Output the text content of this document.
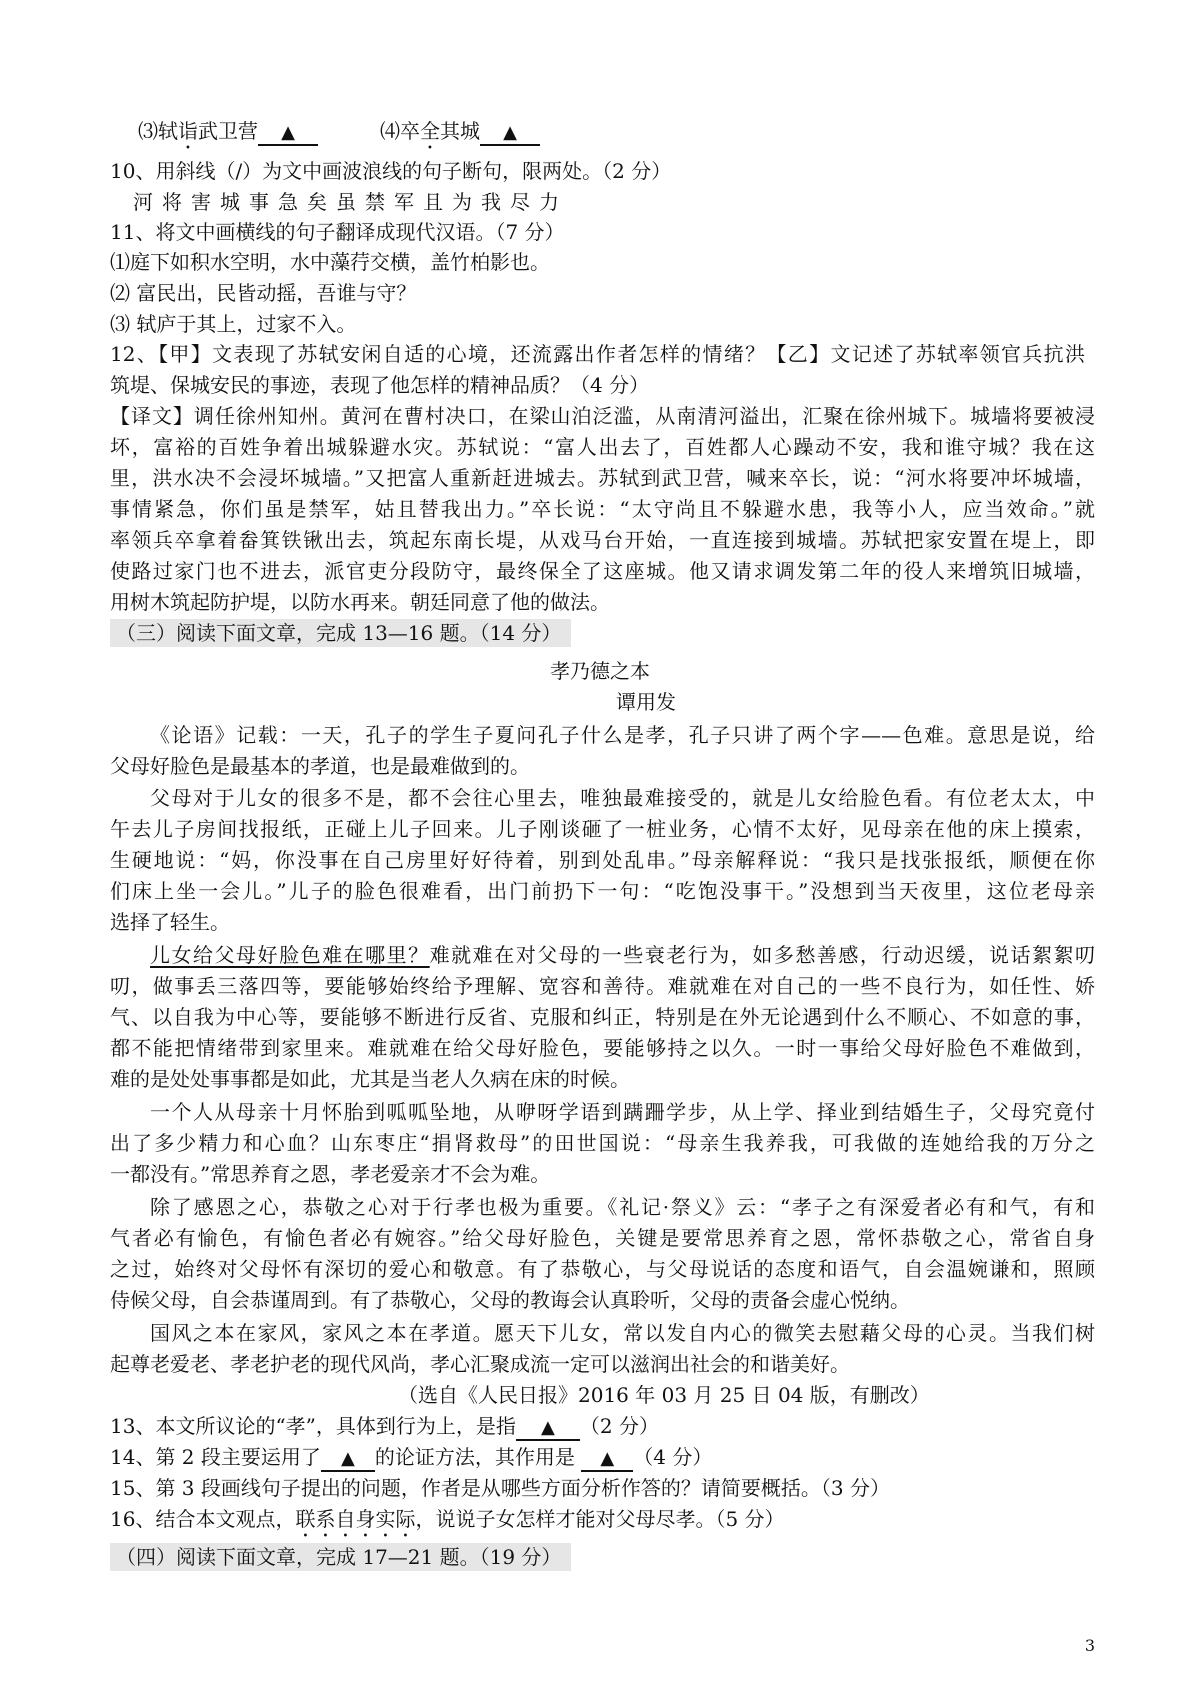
⑶轼诣武卫营 ▲	⑷卒全其城 ▲
10、用斜线（/）为文中画波浪线的句子断句，限两处。（2 分）
河将害城事急矣虽禁军且为我尽力
11、将文中画横线的句子翻译成现代汉语。（7 分）
⑴庭下如积水空明，水中藻荇交横，盖竹柏影也。
⑵ 富民出，民皆动摇，吾谁与守？
⑶ 轼庐于其上，过家不入。
12、【甲】文表现了苏轼安闲自适的心境，还流露出作者怎样的情绪？【乙】文记述了苏轼率领官兵抗洪
筑堤、保城安民的事迹，表现了他怎样的精神品质？（4 分）
【译文】调任徐州知州。黄河在曹村决口，在梁山泊泛滥，从南清河溢出，汇聚在徐州城下。城墙将要被浸
坏，富裕的百姓争着出城躲避水灾。苏轼说：“富人出去了，百姓都人心躁动不安，我和谁守城？我在这
里，洪水决不会浸坏城墙。”又把富人重新赶进城去。苏轼到武卫营，喊来卒长，说：“河水将要冲坏城墙，
事情紧急，你们虽是禁军，姑且替我出力。”卒长说：“太守尚且不躲避水患，我等小人，应当效命。”就
率领兵卒拿着畚箕铁锹出去，筑起东南长堤，从戏马台开始，一直连接到城墙。苏轼把家安置在堤上，即
使路过家门也不进去，派官吏分段防守，最终保全了这座城。他又请求调发第二年的役人来增筑旧城墙，
用树木筑起防护堤，以防水再来。朝廷同意了他的做法。
（三）阅读下面文章，完成 13—16 题。（14 分）
孝乃德之本
谭用发
《论语》记载：一天，孔子的学生子夏问孔子什么是孝，孔子只讲了两个字——色难。意思是说，给
父母好脸色是最基本的孝道，也是最难做到的。
父母对于儿女的很多不是，都不会往心里去，唯独最难接受的，就是儿女给脸色看。有位老太太，中
午去儿子房间找报纸，正碰上儿子回来。儿子刚谈砸了一桩业务，心情不太好，见母亲在他的床上摸索，
生硬地说：“妈，你没事在自己房里好好待着，别到处乱串。”母亲解释说：“我只是找张报纸，顺便在你
们床上坐一会儿。”儿子的脸色很难看，出门前扔下一句：“吃饱没事干。”没想到当天夜里，这位老母亲
选择了轻生。
儿女给父母好脸色难在哪里？难就难在对父母的一些衰老行为，如多愁善感，行动迟缓，说话絮絮叨
叨，做事丢三落四等，要能够始终给予理解、宽容和善待。难就难在对自己的一些不良行为，如任性、娇
气、以自我为中心等，要能够不断进行反省、克服和纠正，特别是在外无论遇到什么不顺心、不如意的事，
都不能把情绪带到家里来。难就难在给父母好脸色，要能够持之以久。一时一事给父母好脸色不难做到，
难的是处处事事都是如此，尤其是当老人久病在床的时候。
一个人从母亲十月怀胎到呱呱坠地，从咿呀学语到蹒跚学步，从上学、择业到结婚生子，父母究竟付
出了多少精力和心血？山东枣庄“捐肾救母”的田世国说：“母亲生我养我，可我做的连她给我的万分之
一都没有。”常思养育之恩，孝老爱亲才不会为难。
除了感恩之心，恭敬之心对于行孝也极为重要。《礼记·祭义》云：“孝子之有深爱者必有和气，有和
气者必有愉色，有愉色者必有婉容。”给父母好脸色，关键是要常思养育之恩，常怀恭敬之心，常省自身
之过，始终对父母怀有深切的爱心和敬意。有了恭敬心，与父母说话的态度和语气，自会温婉谦和，照顾
侍候父母，自会恭谨周到。有了恭敬心，父母的教诲会认真聆听，父母的责备会虚心悦纳。
国风之本在家风，家风之本在孝道。愿天下儿女，常以发自内心的微笑去慰藉父母的心灵。当我们树
起尊老爱老、孝老护老的现代风尚，孝心汇聚成流一定可以滋润出社会的和谐美好。
（选自《人民日报》2016 年 03 月 25 日 04 版，有删改）
13、本文所议论的“孝”，具体到行为上，是指 ▲ （2 分）
14、第 2 段主要运用了 ▲ 的论证方法，其作用是 ▲ （4 分）
15、第 3 段画线句子提出的问题，作者是从哪些方面分析作答的？请简要概括。（3 分）
16、结合本文观点，联系自身实际，说说子女怎样才能对父母尽孝。（5 分）
（四）阅读下面文章，完成 17—21 题。（19 分）
3
